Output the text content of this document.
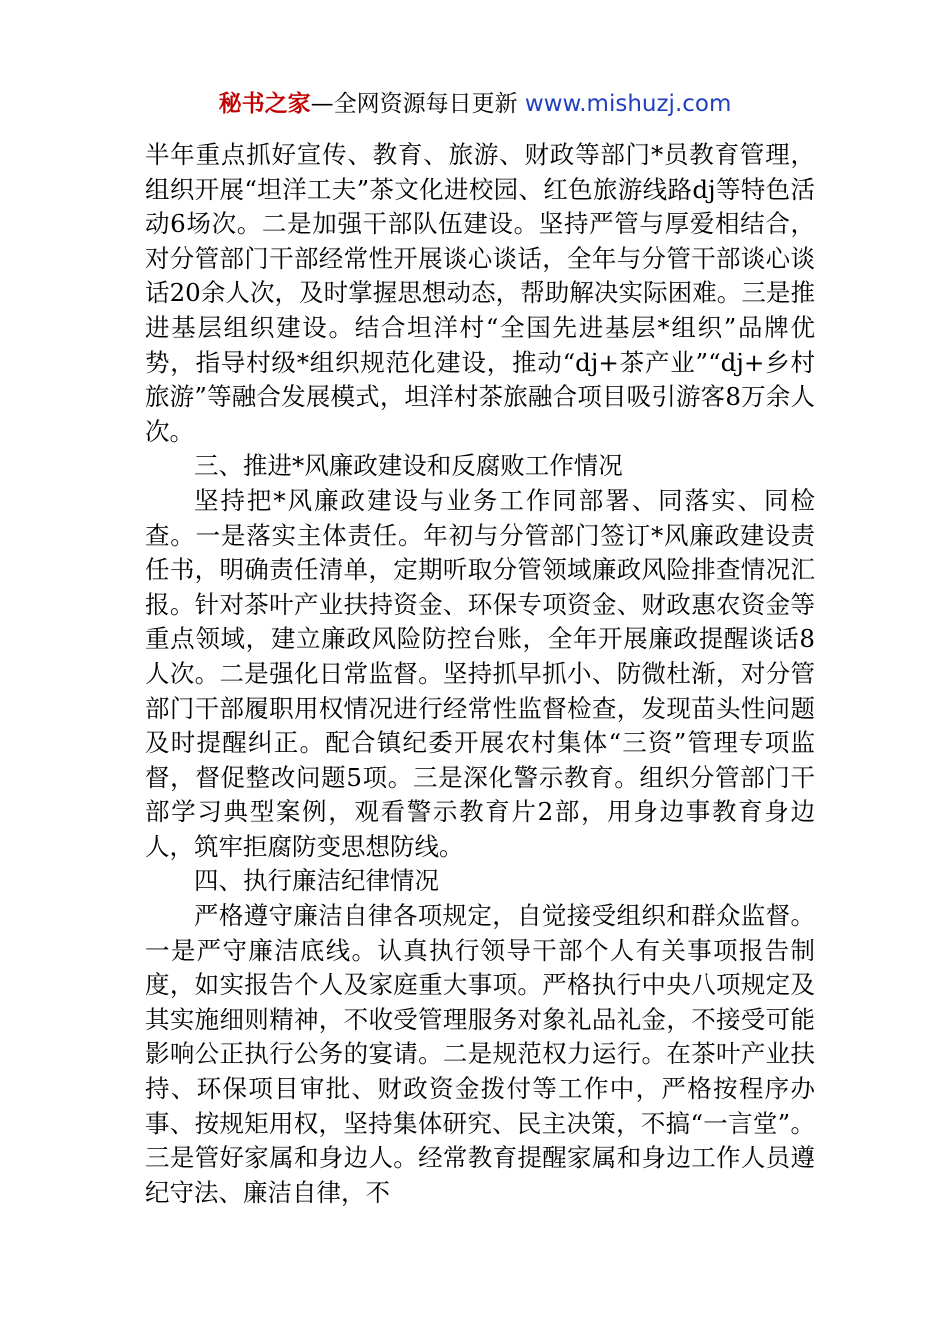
秘书之家—全网资源每日更新 www.mishuzj.com

半年重点抓好宣传、教育、旅游、财政等部门*员教育管理，组织开展“坦洋工夫”茶文化进校园、红色旅游线路dj等特色活动6场次。二是加强干部队伍建设。坚持严管与厚爱相结合，对分管部门干部经常性开展谈心谈话，全年与分管干部谈心谈话20余人次，及时掌握思想动态，帮助解决实际困难。三是推进基层组织建设。结合坦洋村“全国先进基层*组织”品牌优势，指导村级*组织规范化建设，推动“dj+茶产业”“dj+乡村旅游”等融合发展模式，坦洋村茶旅融合项目吸引游客8万余人次。

三、推进*风廉政建设和反腐败工作情况

坚持把*风廉政建设与业务工作同部署、同落实、同检查。一是落实主体责任。年初与分管部门签订*风廉政建设责任书，明确责任清单，定期听取分管领域廉政风险排查情况汇报。针对茶叶产业扶持资金、环保专项资金、财政惠农资金等重点领域，建立廉政风险防控台账，全年开展廉政提醒谈话8人次。二是强化日常监督。坚持抓早抓小、防微杜渐，对分管部门干部履职用权情况进行经常性监督检查，发现苗头性问题及时提醒纠正。配合镇纪委开展农村集体“三资”管理专项监督，督促整改问题5项。三是深化警示教育。组织分管部门干部学习典型案例，观看警示教育片2部，用身边事教育身边人，筑牢拒腐防变思想防线。

四、执行廉洁纪律情况

严格遵守廉洁自律各项规定，自觉接受组织和群众监督。一是严守廉洁底线。认真执行领导干部个人有关事项报告制度，如实报告个人及家庭重大事项。严格执行中央八项规定及其实施细则精神，不收受管理服务对象礼品礼金，不接受可能影响公正执行公务的宴请。二是规范权力运行。在茶叶产业扶持、环保项目审批、财政资金拨付等工作中，严格按程序办事、按规矩用权，坚持集体研究、民主决策，不搞“一言堂”。三是管好家属和身边人。经常教育提醒家属和身边工作人员遵纪守法、廉洁自律，不
